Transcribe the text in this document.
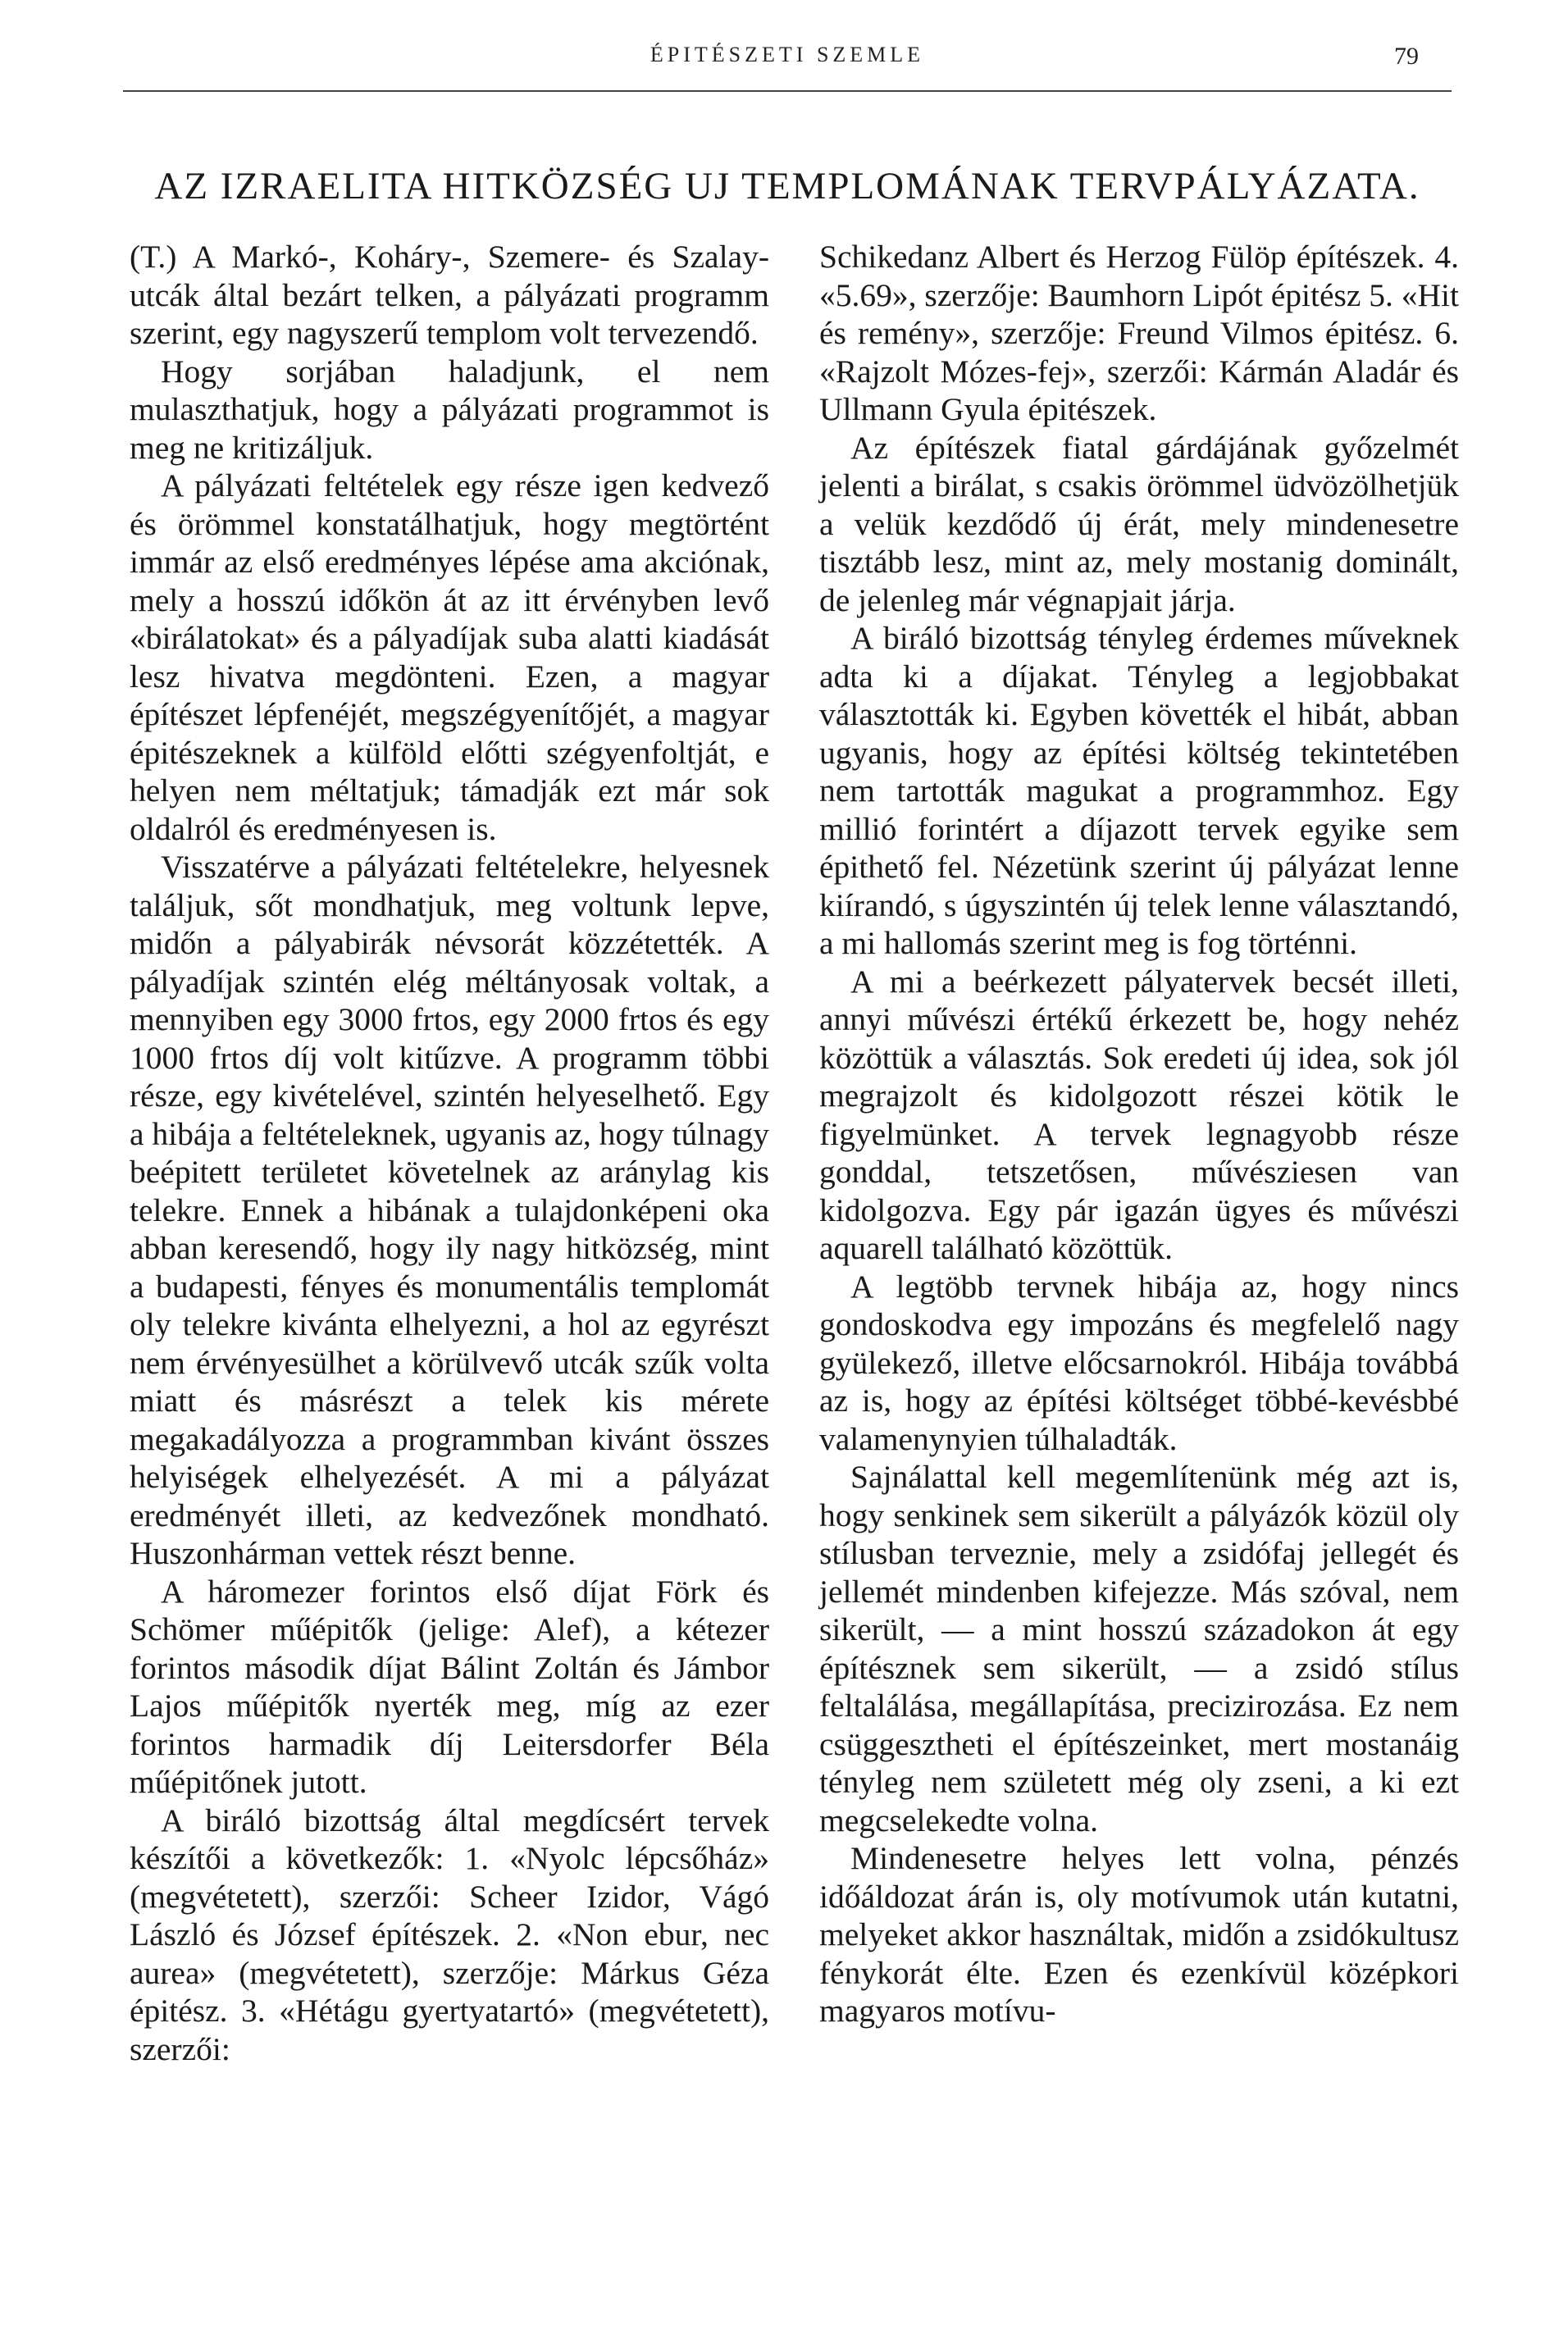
ÉPITÉSZETI SZEMLE	79
AZ IZRAELITA HITKÖZSÉG UJ TEMPLOMÁNAK TERVPÁLYÁZATA.

(T.) A Markó-, Koháry-, Szemere- és Szalay-utcák által bezárt telken, a pályázati programm szerint, egy nagyszerű templom volt tervezendő.

Hogy sorjában haladjunk, el nem mulaszthatjuk, hogy a pályázati programmot is meg ne kritizáljuk.

A pályázati feltételek egy része igen kedvező és örömmel konstatálhatjuk, hogy megtörtént immár az első eredményes lépése ama akciónak, mely a hosszú időkön át az itt érvényben levő «birálatokat» és a pályadíjak suba alatti kiadását lesz hivatva megdönteni. Ezen, a magyar építészet lépfenéjét, megszégyenítőjét, a magyar épitészeknek a külföld előtti szégyenfoltját, e helyen nem méltatjuk; támadják ezt már sok oldalról és eredményesen is.

Visszatérve a pályázati feltételekre, helyesnek találjuk, sőt mondhatjuk, meg voltunk lepve, midőn a pályabirák névsorát közzétették. A pályadíjak szintén elég méltányosak voltak, a mennyiben egy 3000 frtos, egy 2000 frtos és egy 1000 frtos díj volt kitűzve. A programm többi része, egy kivételével, szintén helyeselhető. Egy a hibája a feltételeknek, ugyanis az, hogy túlnagy beépitett területet követelnek az aránylag kis telekre. Ennek a hibának a tulajdonképeni oka abban keresendő, hogy ily nagy hitközség, mint a budapesti, fényes és monumentális templomát oly telekre kivánta elhelyezni, a hol az egyrészt nem érvényesülhet a körülvevő utcák szűk volta miatt és másrészt a telek kis mérete megakadályozza a programmban kivánt összes helyiségek elhelyezését. A mi a pályázat eredményét illeti, az kedvezőnek mondható. Huszonhárman vettek részt benne.

A háromezer forintos első díjat Förk és Schömer műépitők (jelige: Alef), a kétezer forintos második díjat Bálint Zoltán és Jámbor Lajos műépitők nyerték meg, míg az ezer forintos harmadik díj Leitersdorfer Béla műépitőnek jutott.

A biráló bizottság által megdícsért tervek készítői a következők: 1. «Nyolc lépcsőház» (megvétetett), szerzői: Scheer Izidor, Vágó László és József építészek. 2. «Non ebur, nec aurea» (megvétetett), szerzője: Márkus Géza épitész. 3. «Hétágu gyertyatartó» (megvétetett), szerzői:

Schikedanz Albert és Herzog Fülöp építészek. 4. «5.69», szerzője: Baumhorn Lipót épitész 5. «Hit és remény», szerzője: Freund Vilmos épitész. 6. «Rajzolt Mózes-fej», szerzői: Kármán Aladár és Ullmann Gyula épitészek.

Az építészek fiatal gárdájának győzelmét jelenti a birálat, s csakis örömmel üdvözölhetjük a velük kezdődő új érát, mely mindenesetre tisztább lesz, mint az, mely mostanig dominált, de jelenleg már végnapjait járja.

A biráló bizottság tényleg érdemes műveknek adta ki a díjakat. Tényleg a legjobbakat választották ki. Egyben követték el hibát, abban ugyanis, hogy az építési költség tekintetében nem tartották magukat a programmhoz. Egy millió forintért a díjazott tervek egyike sem épithető fel. Nézetünk szerint új pályázat lenne kiírandó, s úgyszintén új telek lenne választandó, a mi hallomás szerint meg is fog történni.

A mi a beérkezett pályatervek becsét illeti, annyi művészi értékű érkezett be, hogy nehéz közöttük a választás. Sok eredeti új idea, sok jól megrajzolt és kidolgozott részei kötik le figyelmünket. A tervek legnagyobb része gonddal, tetszetősen, művésziesen van kidolgozva. Egy pár igazán ügyes és művészi aquarell található közöttük.

A legtöbb tervnek hibája az, hogy nincs gondoskodva egy impozáns és megfelelő nagy gyülekező, illetve előcsarnokról. Hibája továbbá az is, hogy az építési költséget többé-kevésbbé valamenynyien túlhaladták.

Sajnálattal kell megemlítenünk még azt is, hogy senkinek sem sikerült a pályázók közül oly stílusban terveznie, mely a zsidófaj jellegét és jellemét mindenben kifejezze. Más szóval, nem sikerült, — a mint hosszú századokon át egy építésznek sem sikerült, — a zsidó stílus feltalálása, megállapítása, precizirozása. Ez nem csüggesztheti el építészeinket, mert mostanáig tényleg nem született még oly zseni, a ki ezt megcselekedte volna.

Mindenesetre helyes lett volna, pénzés időáldozat árán is, oly motívumok után kutatni, melyeket akkor használtak, midőn a zsidókultusz fénykorát élte. Ezen és ezenkívül középkori magyaros motívu-
